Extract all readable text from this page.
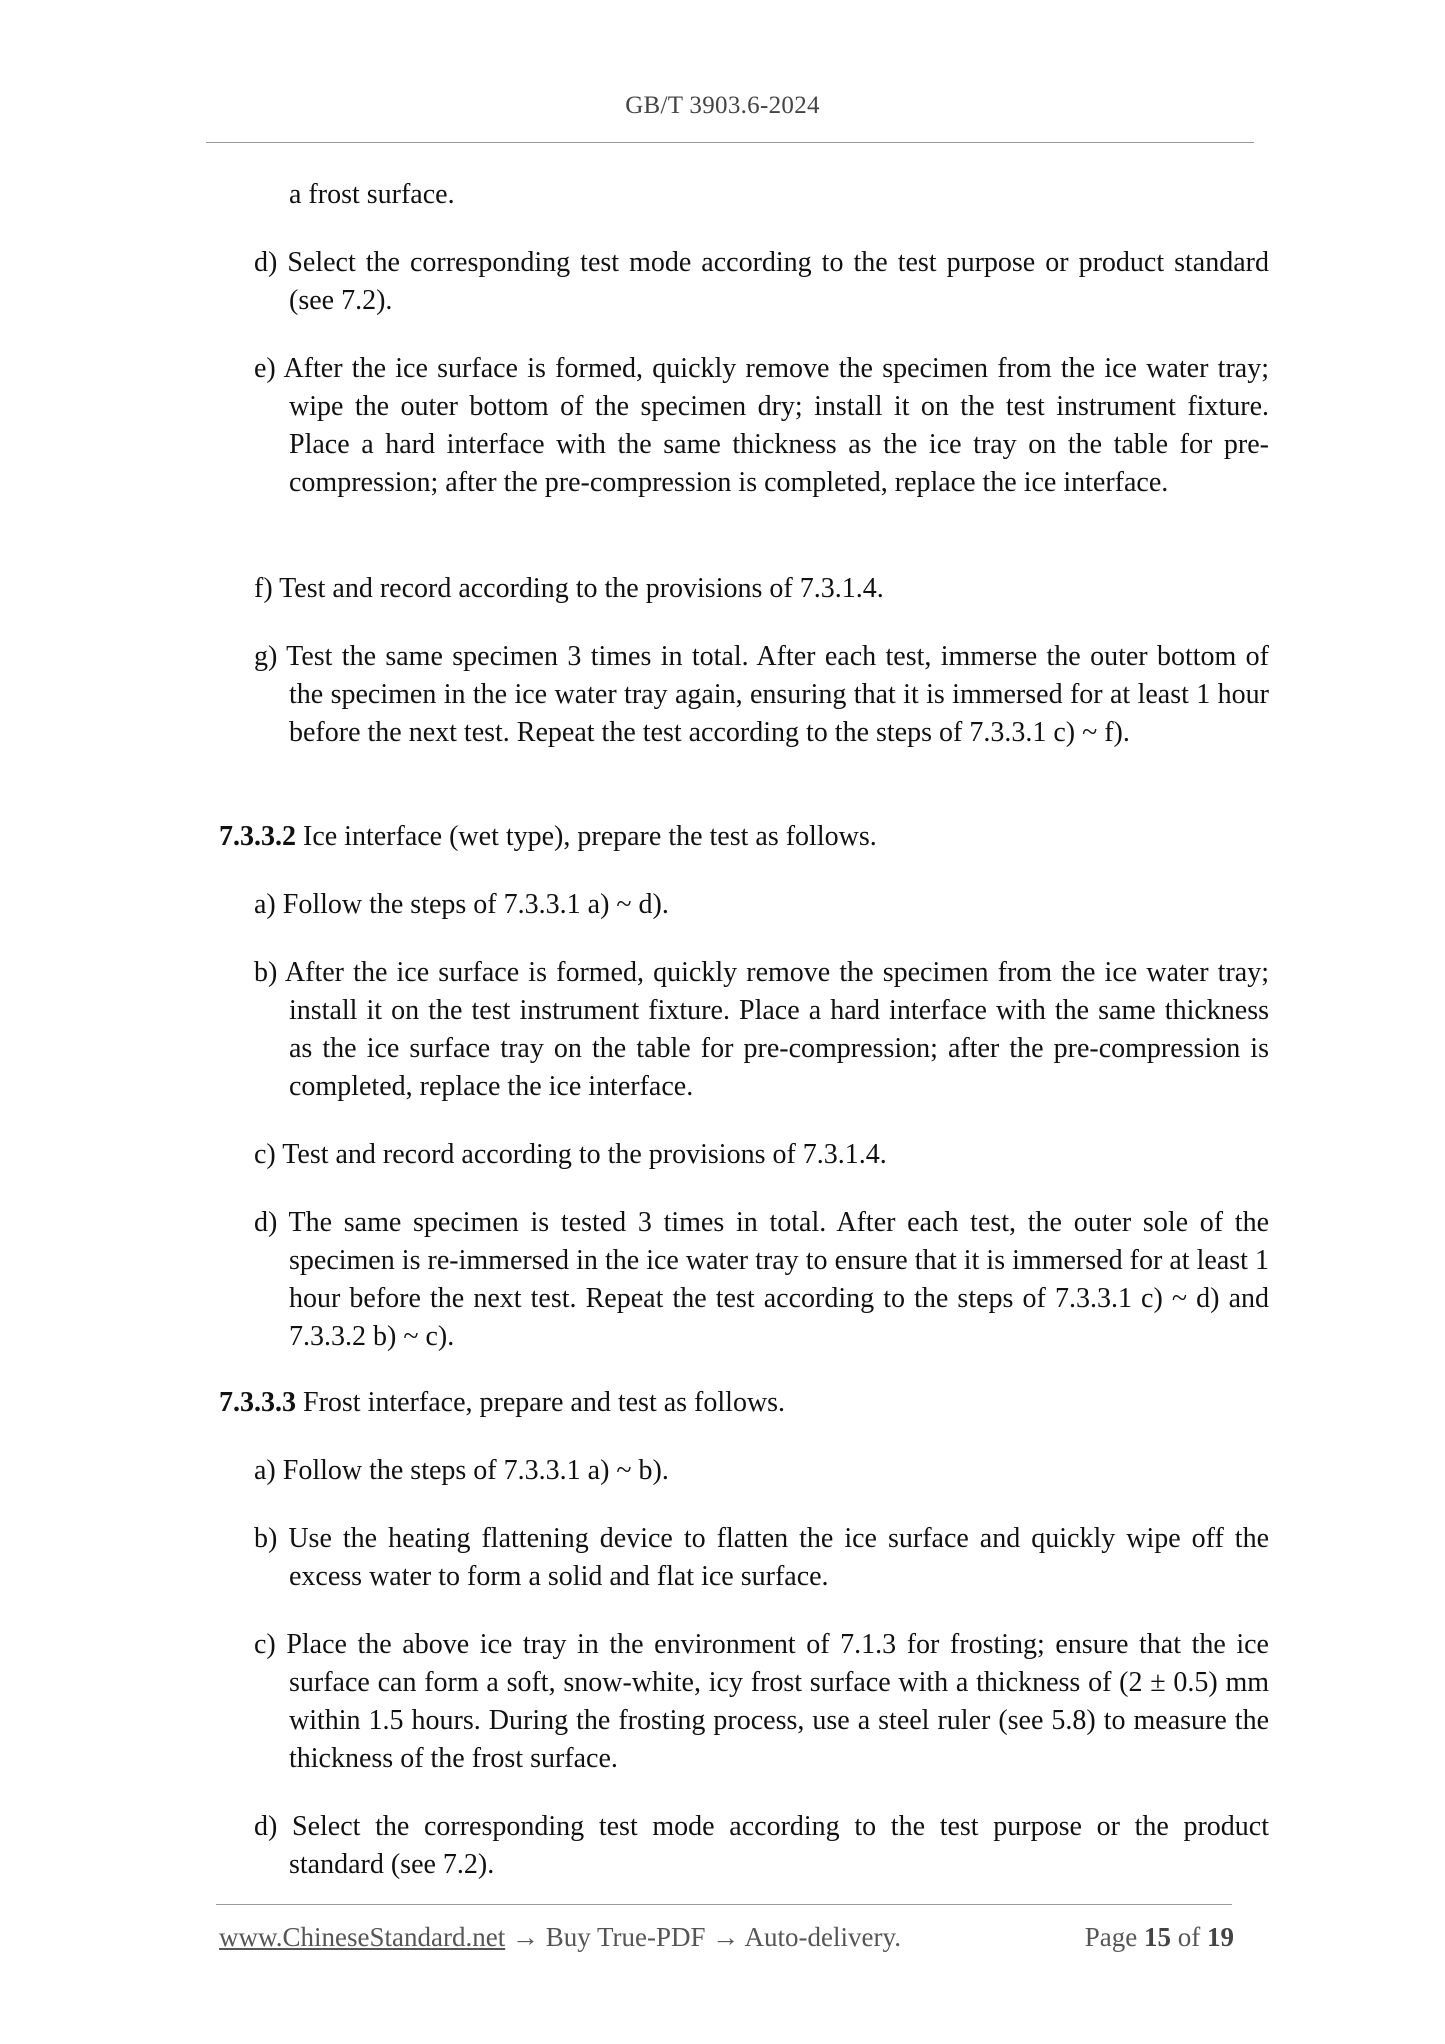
GB/T 3903.6-2024

a frost surface.

d) Select the corresponding test mode according to the test purpose or product standard (see 7.2).

e) After the ice surface is formed, quickly remove the specimen from the ice water tray; wipe the outer bottom of the specimen dry; install it on the test instrument fixture. Place a hard interface with the same thickness as the ice tray on the table for pre-compression; after the pre-compression is completed, replace the ice interface.

f) Test and record according to the provisions of 7.3.1.4.

g) Test the same specimen 3 times in total. After each test, immerse the outer bottom of the specimen in the ice water tray again, ensuring that it is immersed for at least 1 hour before the next test. Repeat the test according to the steps of 7.3.3.1 c) ~ f).

7.3.3.2 Ice interface (wet type), prepare the test as follows.

a) Follow the steps of 7.3.3.1 a) ~ d).

b) After the ice surface is formed, quickly remove the specimen from the ice water tray; install it on the test instrument fixture. Place a hard interface with the same thickness as the ice surface tray on the table for pre-compression; after the pre-compression is completed, replace the ice interface.

c) Test and record according to the provisions of 7.3.1.4.

d) The same specimen is tested 3 times in total. After each test, the outer sole of the specimen is re-immersed in the ice water tray to ensure that it is immersed for at least 1 hour before the next test. Repeat the test according to the steps of 7.3.3.1 c) ~ d) and 7.3.3.2 b) ~ c).

7.3.3.3 Frost interface, prepare and test as follows.

a) Follow the steps of 7.3.3.1 a) ~ b).

b) Use the heating flattening device to flatten the ice surface and quickly wipe off the excess water to form a solid and flat ice surface.

c) Place the above ice tray in the environment of 7.1.3 for frosting; ensure that the ice surface can form a soft, snow-white, icy frost surface with a thickness of (2 ± 0.5) mm within 1.5 hours. During the frosting process, use a steel ruler (see 5.8) to measure the thickness of the frost surface.

d) Select the corresponding test mode according to the test purpose or the product standard (see 7.2).

www.ChineseStandard.net → Buy True-PDF → Auto-delivery.	Page 15 of 19
